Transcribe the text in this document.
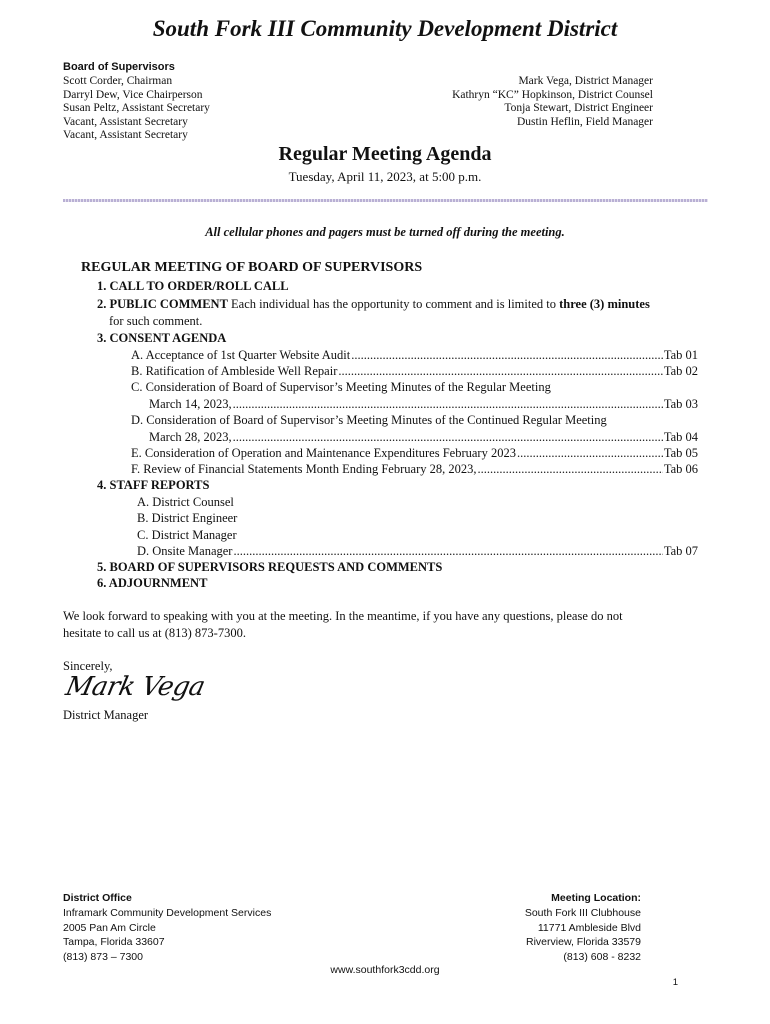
South Fork III Community Development District
Board of Supervisors
Scott Corder, Chairman
Darryl Dew, Vice Chairperson
Susan Peltz, Assistant Secretary
Vacant, Assistant Secretary
Vacant, Assistant Secretary
Mark Vega, District Manager
Kathryn “KC” Hopkinson, District Counsel
Tonja Stewart, District Engineer
Dustin Heflin, Field Manager
Regular Meeting Agenda
Tuesday, April 11, 2023, at 5:00 p.m.
All cellular phones and pagers must be turned off during the meeting.
REGULAR MEETING OF BOARD OF SUPERVISORS
1. CALL TO ORDER/ROLL CALL
2. PUBLIC COMMENT Each individual has the opportunity to comment and is limited to three (3) minutes
for such comment.
3. CONSENT AGENDA
A. Acceptance of 1st Quarter Website Audit .....	Tab 01
B. Ratification of Ambleside Well Repair .....	Tab 02
C. Consideration of Board of Supervisor’s Meeting Minutes of the Regular Meeting
March 14, 2023, .....	Tab 03
D. Consideration of Board of Supervisor’s Meeting Minutes of the Continued Regular Meeting
March 28, 2023, .....	Tab 04
E. Consideration of Operation and Maintenance Expenditures February 2023 .....	Tab 05
F. Review of Financial Statements Month Ending February 28, 2023, .....	Tab 06
4. STAFF REPORTS
A. District Counsel
B. District Engineer
C. District Manager
D. Onsite Manager .....	Tab 07
5. BOARD OF SUPERVISORS REQUESTS AND COMMENTS
6. ADJOURNMENT
We look forward to speaking with you at the meeting. In the meantime, if you have any questions, please do not
hesitate to call us at (813) 873-7300.
Sincerely,
Mark Vega
District Manager
District Office
Inframark Community Development Services
2005 Pan Am Circle
Tampa, Florida 33607
(813) 873 – 7300
Meeting Location:
South Fork III Clubhouse
11771 Ambleside Blvd
Riverview, Florida 33579
(813) 608 - 8232
www.southfork3cdd.org
1
